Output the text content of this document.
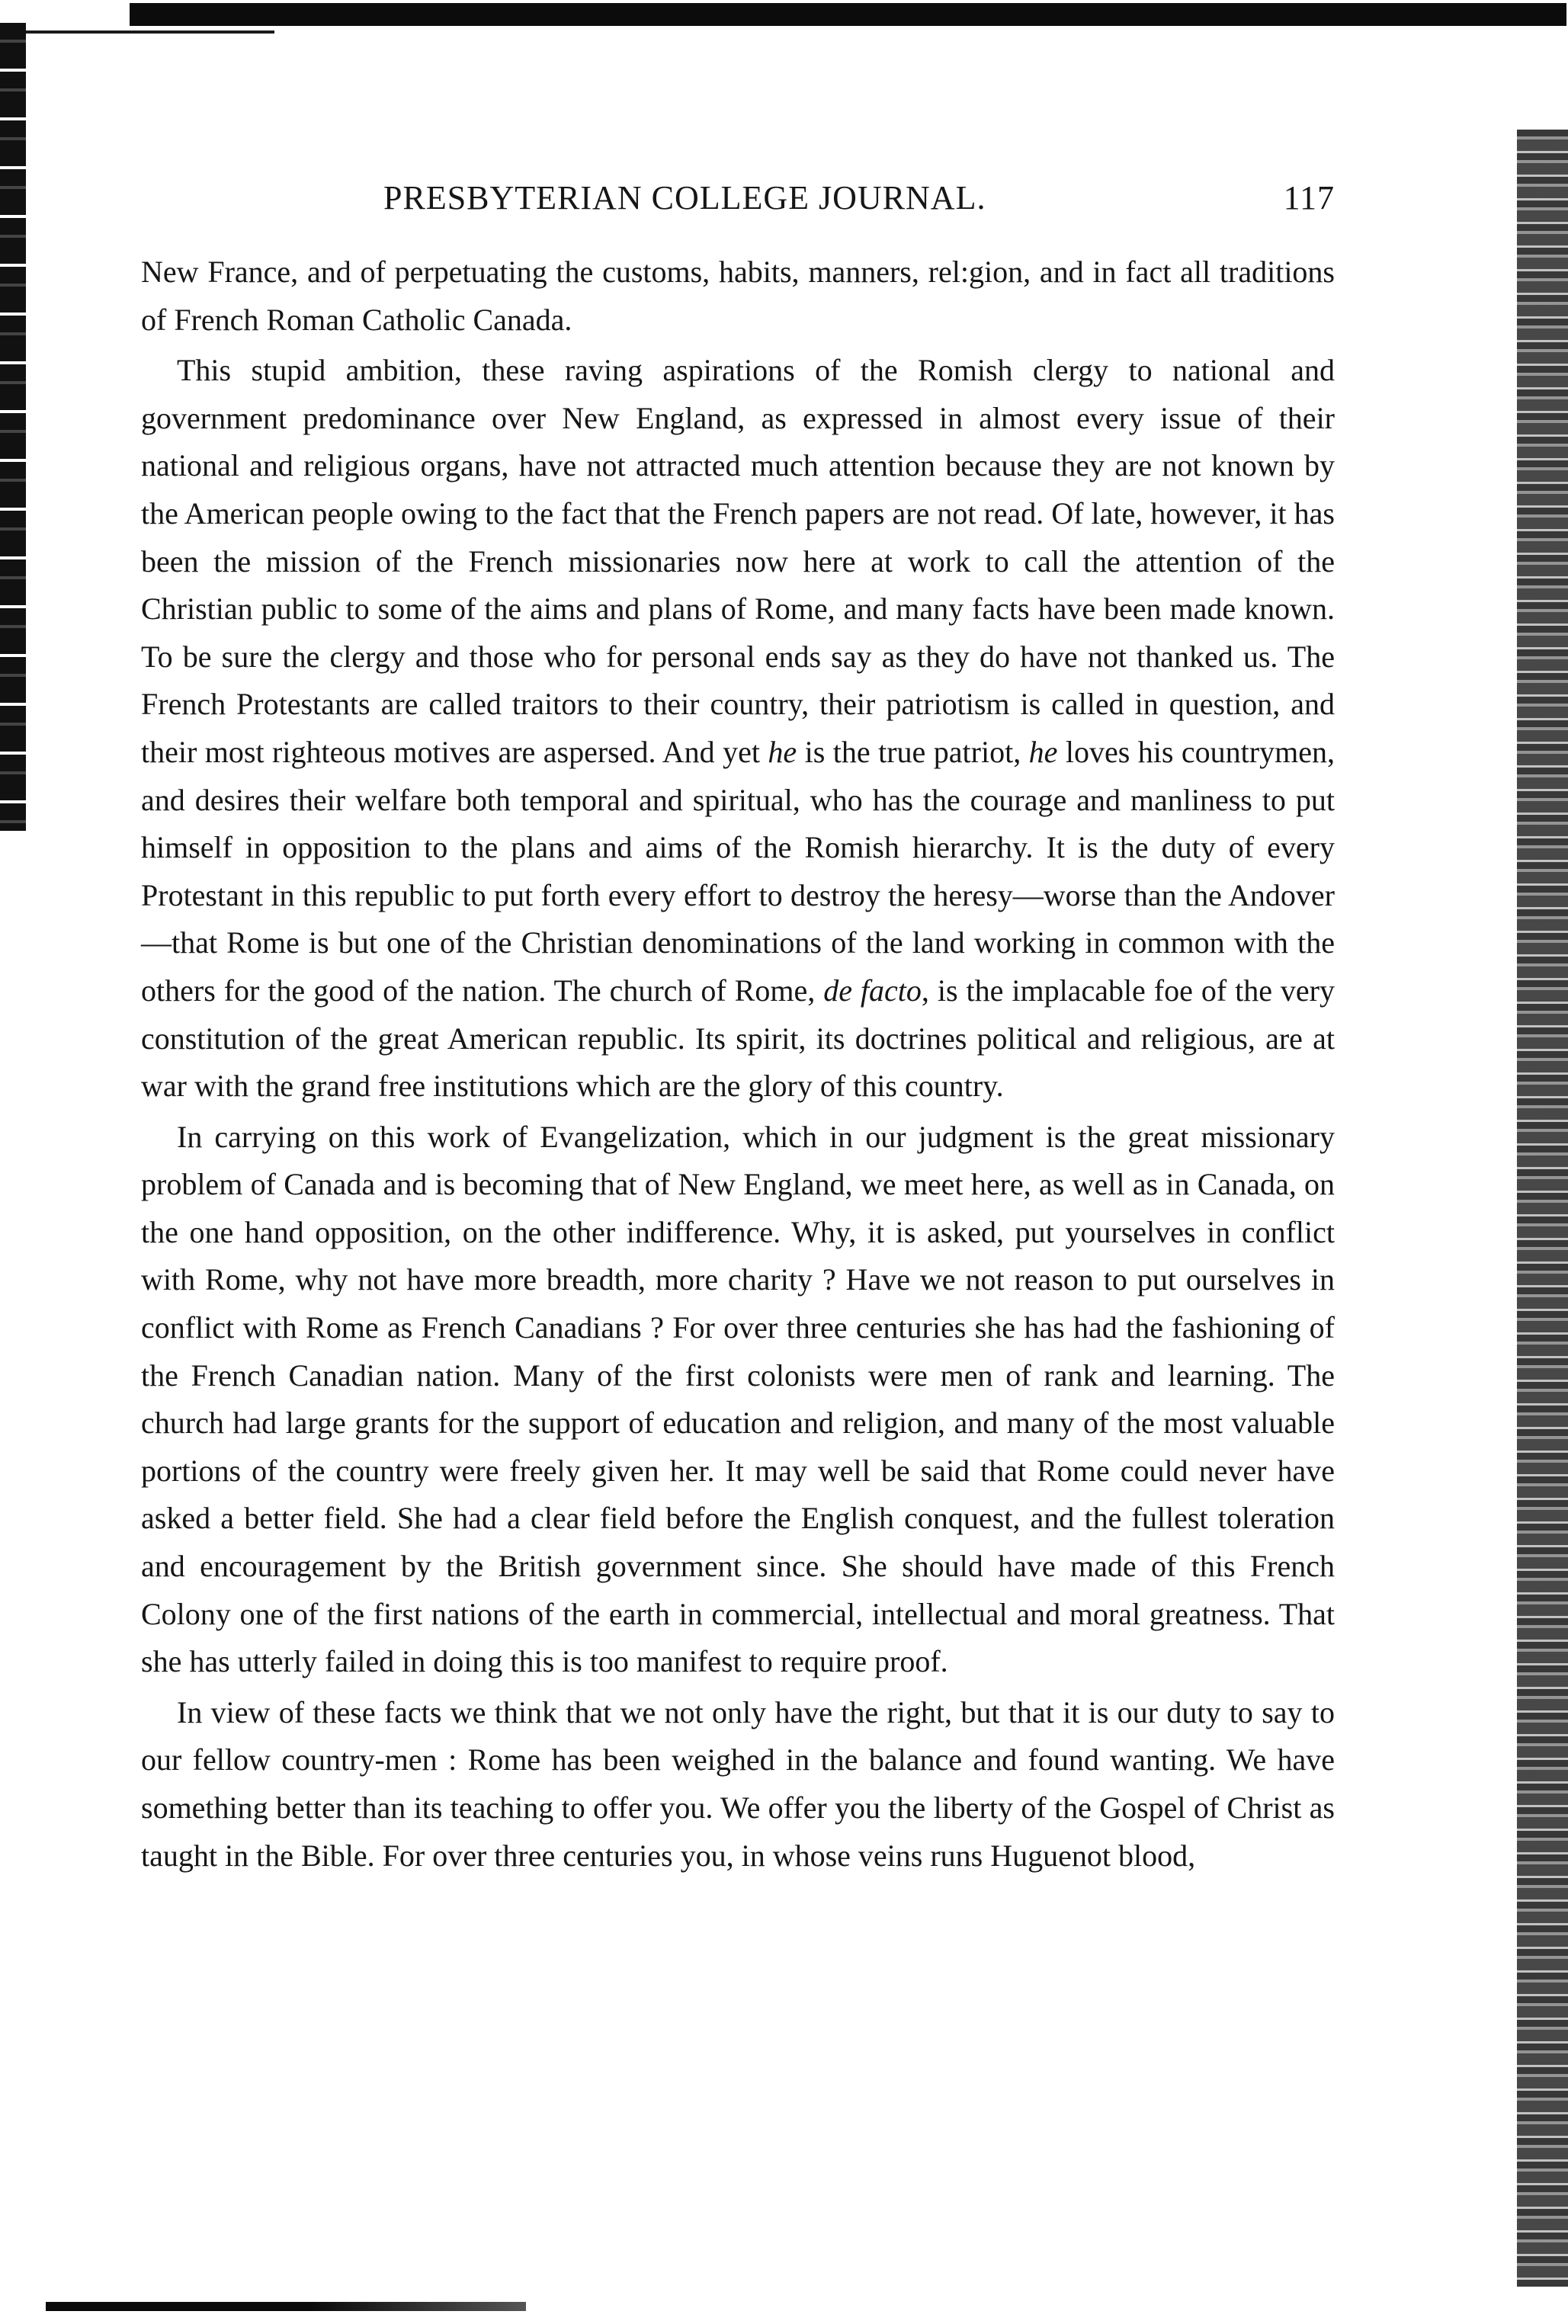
PRESBYTERIAN COLLEGE JOURNAL.	117

New France, and of perpetuating the customs, habits, manners, rel:gion, and in fact all traditions of French Roman Catholic Canada.

This stupid ambition, these raving aspirations of the Romish clergy to national and government predominance over New England, as expressed in almost every issue of their national and religious organs, have not attracted much attention because they are not known by the American people owing to the fact that the French papers are not read. Of late, however, it has been the mission of the French missionaries now here at work to call the attention of the Christian public to some of the aims and plans of Rome, and many facts have been made known. To be sure the clergy and those who for personal ends say as they do have not thanked us. The French Protestants are called traitors to their country, their patriotism is called in question, and their most righteous motives are aspersed. And yet he is the true patriot, he loves his countrymen, and desires their welfare both temporal and spiritual, who has the courage and manliness to put himself in opposition to the plans and aims of the Romish hierarchy. It is the duty of every Protestant in this republic to put forth every effort to destroy the heresy—worse than the Andover—that Rome is but one of the Christian denominations of the land working in common with the others for the good of the nation. The church of Rome, de facto, is the implacable foe of the very constitution of the great American republic. Its spirit, its doctrines political and religious, are at war with the grand free institutions which are the glory of this country.

In carrying on this work of Evangelization, which in our judgment is the great missionary problem of Canada and is becoming that of New England, we meet here, as well as in Canada, on the one hand opposition, on the other indifference. Why, it is asked, put yourselves in conflict with Rome, why not have more breadth, more charity ? Have we not reason to put ourselves in conflict with Rome as French Canadians ? For over three centuries she has had the fashioning of the French Canadian nation. Many of the first colonists were men of rank and learning. The church had large grants for the support of education and religion, and many of the most valuable portions of the country were freely given her. It may well be said that Rome could never have asked a better field. She had a clear field before the English conquest, and the fullest toleration and encouragement by the British government since. She should have made of this French Colony one of the first nations of the earth in commercial, intellectual and moral greatness. That she has utterly failed in doing this is too manifest to require proof.

In view of these facts we think that we not only have the right, but that it is our duty to say to our fellow country-men : Rome has been weighed in the balance and found wanting. We have something better than its teaching to offer you. We offer you the liberty of the Gospel of Christ as taught in the Bible. For over three centuries you, in whose veins runs Huguenot blood,
